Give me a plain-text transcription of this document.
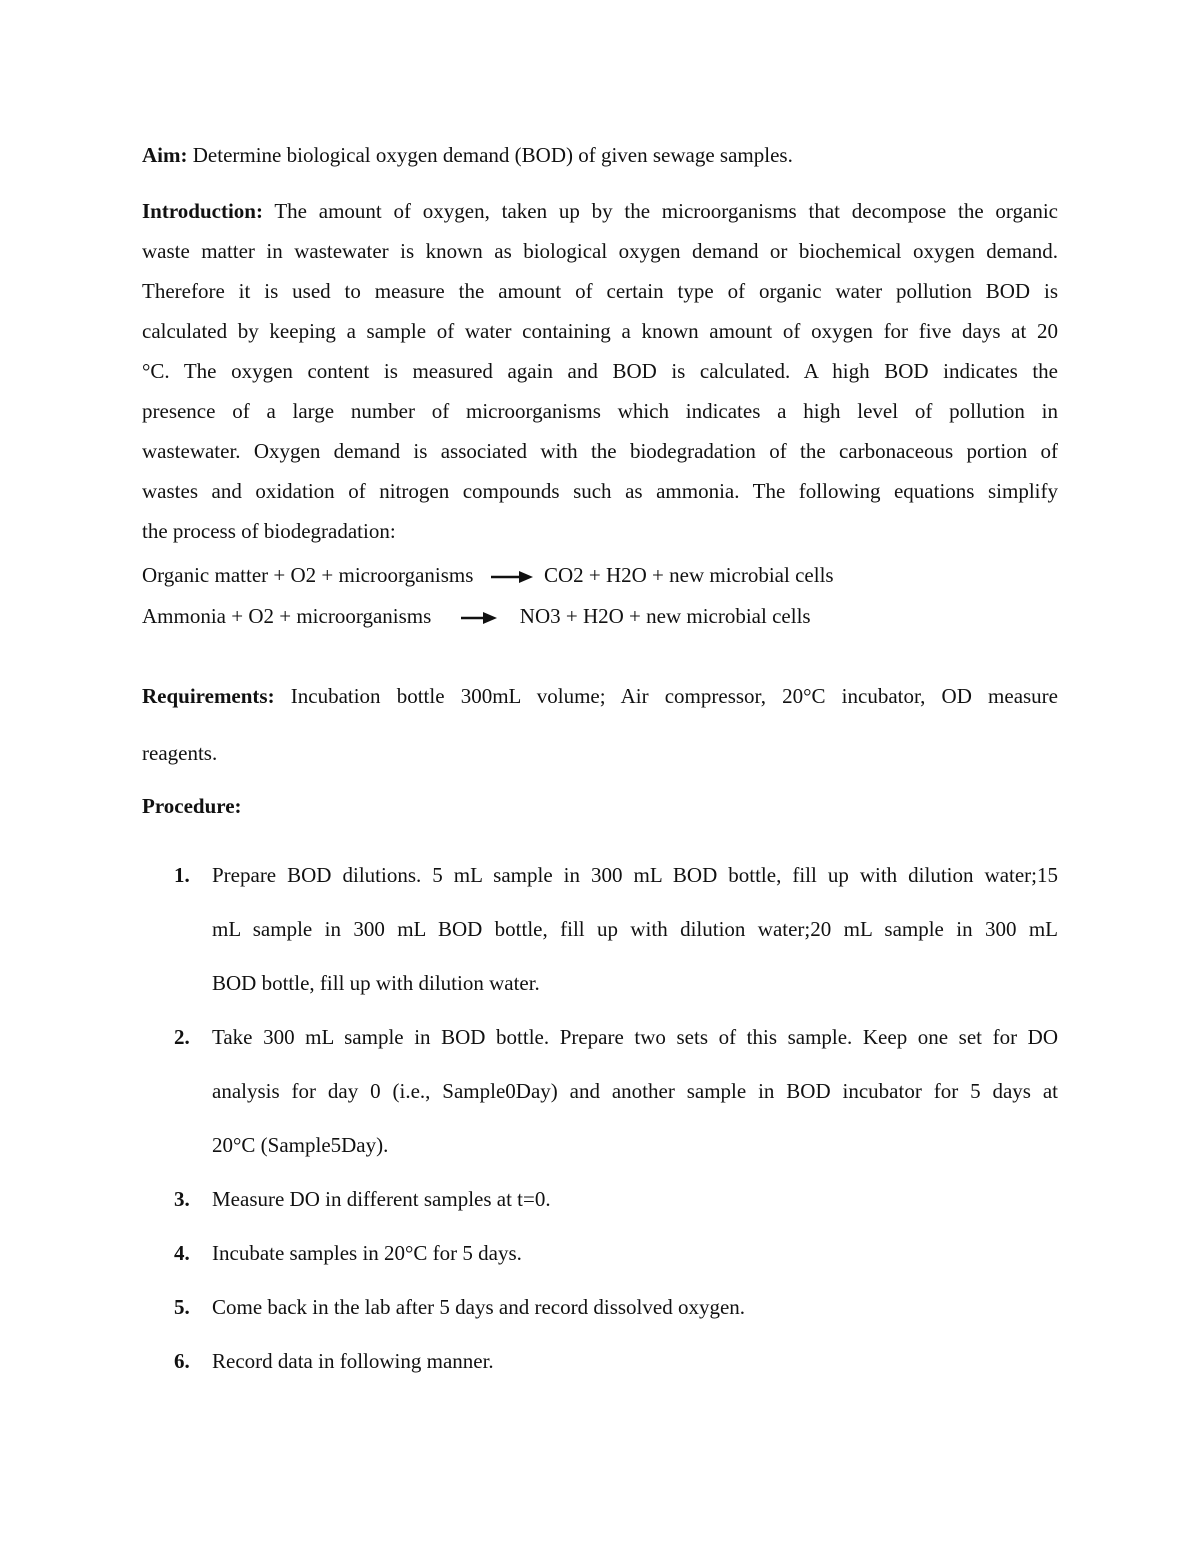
Aim: Determine biological oxygen demand (BOD) of given sewage samples.
Introduction: The amount of oxygen, taken up by the microorganisms that decompose the organic
waste matter in wastewater is known as biological oxygen demand or biochemical oxygen demand.
Therefore it is used to measure the amount of certain type of organic water pollution BOD is
calculated by keeping a sample of water containing a known amount of oxygen for five days at 20
°C. The oxygen content is measured again and BOD is calculated. A high BOD indicates the
presence of a large number of microorganisms which indicates a high level of pollution in
wastewater. Oxygen demand is associated with the biodegradation of the carbonaceous portion of
wastes and oxidation of nitrogen compounds such as ammonia. The following equations simplify
the process of biodegradation:
Organic matter + O2 + microorganisms	CO2 + H2O + new microbial cells
Ammonia + O2 + microorganisms	NO3 + H2O + new microbial cells
Requirements: Incubation bottle 300mL volume; Air compressor, 20°C incubator, OD measure
reagents.
Procedure:
1. Prepare BOD dilutions. 5 mL sample in 300 mL BOD bottle, fill up with dilution water;15
mL sample in 300 mL BOD bottle, fill up with dilution water;20 mL sample in 300 mL
BOD bottle, fill up with dilution water.
2. Take 300 mL sample in BOD bottle. Prepare two sets of this sample. Keep one set for DO
analysis for day 0 (i.e., Sample0Day) and another sample in BOD incubator for 5 days at
20°C (Sample5Day).
3. Measure DO in different samples at t=0.
4. Incubate samples in 20°C for 5 days.
5. Come back in the lab after 5 days and record dissolved oxygen.
6. Record data in following manner.
